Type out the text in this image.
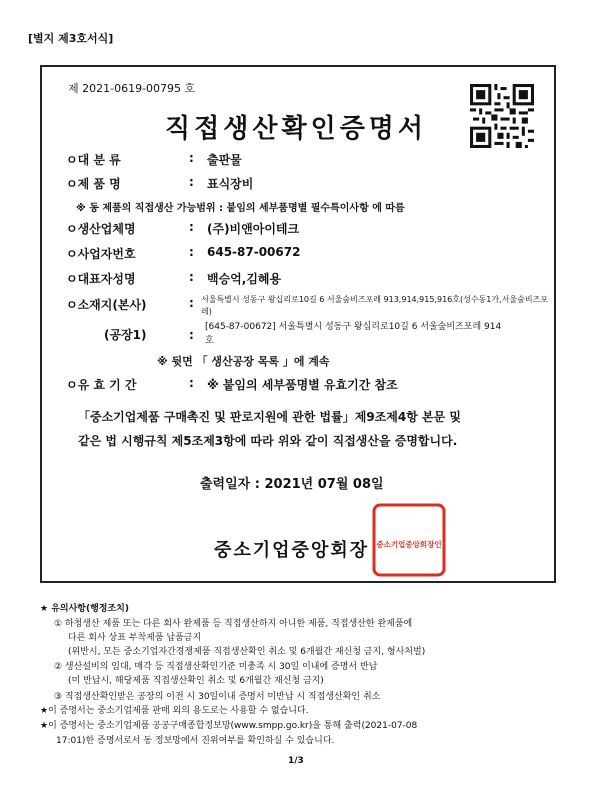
[별지 제3호서식]
제 2021-0619-00795 호
직접생산확인증명서
ㅇ대 분 류	: 출판물
ㅇ제 품 명	: 표식장비
※ 동 제품의 직접생산 가능범위 : 붙임의 세부품명별 필수특이사항 에 따름
ㅇ생산업체명	: (주)비앤아이테크
ㅇ사업자번호	: 645-87-00672
ㅇ대표자성명	: 백승억,김혜용
ㅇ소재지(본사)	: 서울특별시 성동구 왕십리로10길 6 서울숲비즈포레 913,914,915,916호(성수동1가,서울숲비즈포레)
(공장1)	:
[645-87-00672] 서울특별시 성동구 왕십리로10길 6 서울숲비즈포레 914호
※ 뒷면 「 생산공장 목록 」에 계속
ㅇ유 효 기 간	: ※ 붙임의 세부품명별 유효기간 참조
「중소기업제품 구매촉진 및 판로지원에 관한 법률」제9조제4항 본문 및
같은 법 시행규칙 제5조제3항에 따라 위와 같이 직접생산을 증명합니다.
출력일자 : 2021년 07월 08일
중소기업중앙회장 중소기업중앙회장인
★ 유의사항(행정조치)
① 하청생산 제품 또는 다른 회사 완제품 등 직접생산하지 아니한 제품, 직접생산한 완제품에
다른 회사 상표 부착제품 납품금지
(위반시, 모든 중소기업자간경쟁제품 직접생산확인 취소 및 6개월간 재신청 금지, 형사처벌)
② 생산설비의 임대, 매각 등 직접생산확인기준 미충족 시 30일 이내에 증명서 반납
(미 반납시, 해당제품 직접생산확인 취소 및 6개월간 재신청 금지)
③ 직접생산확인받은 공장의 이전 시 30일이내 증명서 미반납 시 직접생산확인 취소
★이 증명서는 중소기업제품 판매 외의 용도로는 사용할 수 없습니다.
★이 증명서는 중소기업제품 공공구매종합정보망(www.smpp.go.kr)을 통해 출력(2021-07-08
17:01)한 증명서로서 동 정보망에서 진위여부를 확인하실 수 있습니다.
1/3
